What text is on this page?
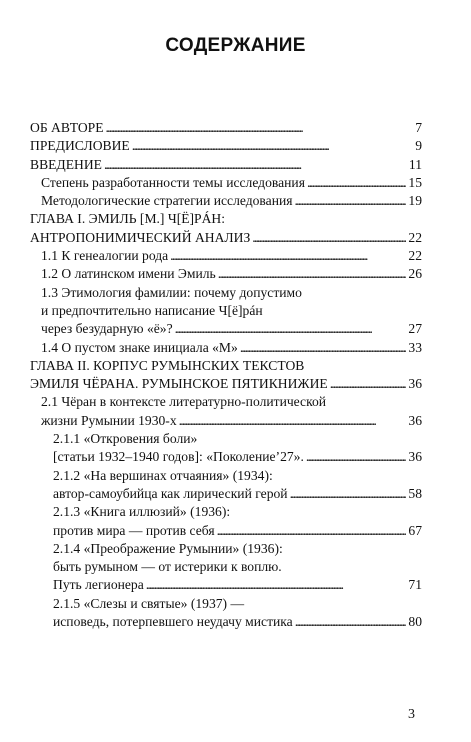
СОДЕРЖАНИЕ
ОБ АВТОРЕ . . .	7
ПРЕДИСЛОВИЕ . . .	9
ВВЕДЕНИЕ . . .	11
Степень разработанности темы исследования . . .	15
Методологические стратегии исследования . . .	19
ГЛАВА I. ЭМИЛЬ [М.] Ч[Ё]РÁН:
АНТРОПОНИМИЧЕСКИЙ АНАЛИЗ . . .	22
1.1 К генеалогии рода . . .	22
1.2 О латинском имени Эмиль . . .	26
1.3 Этимология фамилии: почему допустимо
и предпочтительно написание Ч[ё]рáн
через безударную «ё»? . . .	27
1.4 О пустом знаке инициала «М» . . .	33
ГЛАВА II. КОРПУС РУМЫНСКИХ ТЕКСТОВ
ЭМИЛЯ ЧЁРАНА. РУМЫНСКОЕ ПЯТИКНИЖИЕ . . .	36
2.1 Чёран в контексте литературно-политической
жизни Румынии 1930-х . . .	36
2.1.1 «Откровения боли»
[статьи 1932–1940 годов]: «Поколение’27». . . .	36
2.1.2 «На вершинах отчаяния» (1934):
автор-самоубийца как лирический герой . . .	58
2.1.3 «Книга иллюзий» (1936):
против мира — против себя . . .	67
2.1.4 «Преображение Румынии» (1936):
быть румыном — от истерики к воплю.
Путь легионера . . .	71
2.1.5 «Слезы и святые» (1937) —
исповедь, потерпевшего неудачу мистика . . .	80
3
